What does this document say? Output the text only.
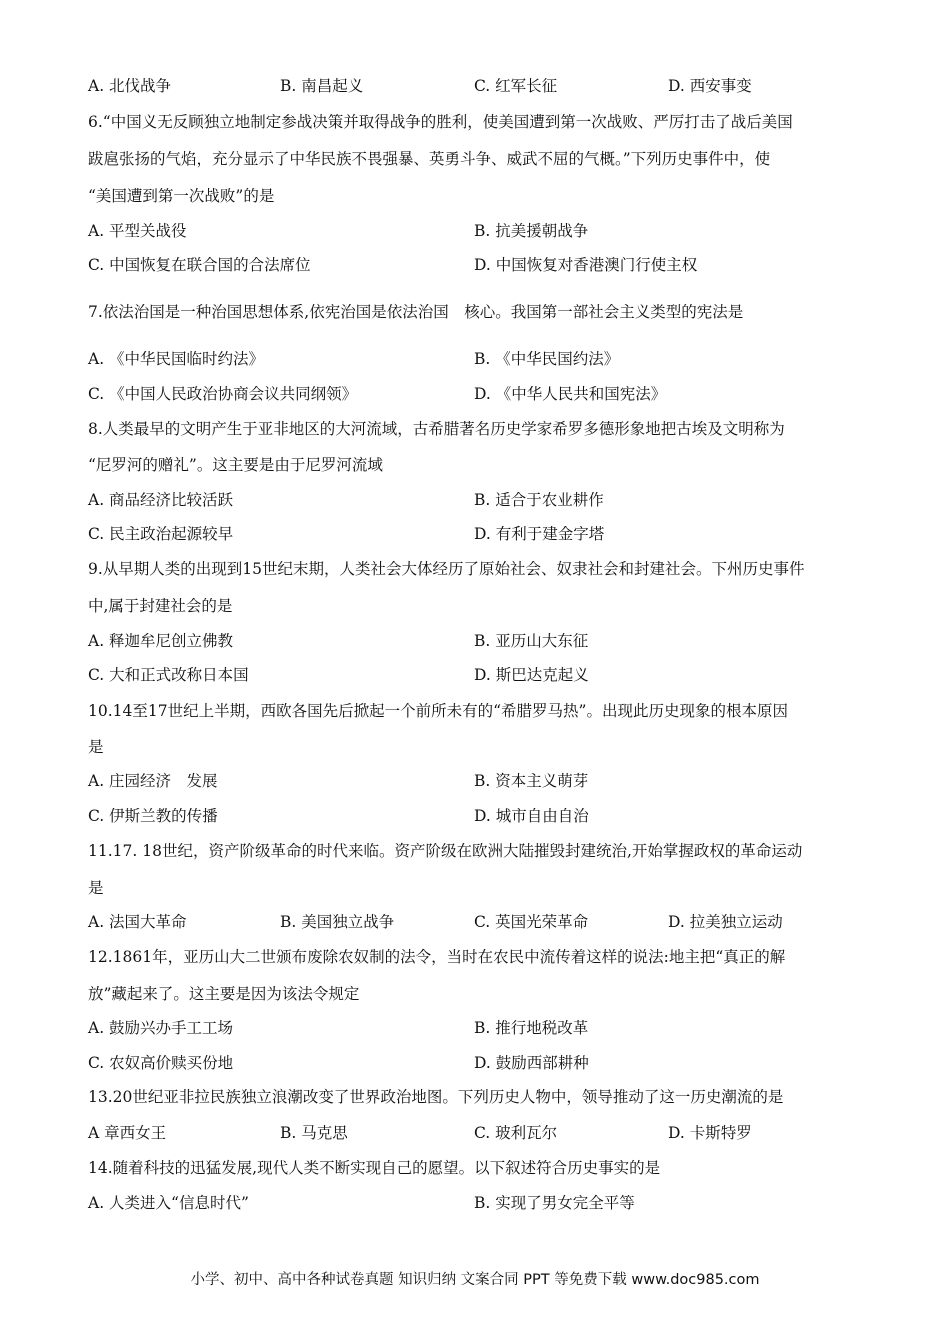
A. 北伐战争	B. 南昌起义	C. 红军长征	D. 西安事变
6.“中国义无反顾独立地制定参战决策并取得战争的胜利，使美国遭到第一次战败、严厉打击了战后美国
跋扈张扬的气焰，充分显示了中华民族不畏强暴、英勇斗争、威武不屈的气概。”下列历史事件中，使
“美国遭到第一次战败”的是
A. 平型关战役	B. 抗美援朝战争
C. 中国恢复在联合国的合法席位	D. 中国恢复对香港澳门行使主权
7.依法治国是一种治国思想体系,依宪治国是依法治国　核心。我国第一部社会主义类型的宪法是
A. 《中华民国临时约法》	B. 《中华民国约法》
C. 《中国人民政治协商会议共同纲领》	D. 《中华人民共和国宪法》
8.人类最早的文明产生于亚非地区的大河流域，古希腊著名历史学家希罗多德形象地把古埃及文明称为
“尼罗河的赠礼”。这主要是由于尼罗河流域
A. 商品经济比较活跃	B. 适合于农业耕作
C. 民主政治起源较早	D. 有利于建金字塔
9.从早期人类的出现到15世纪末期，人类社会大体经历了原始社会、奴隶社会和封建社会。下州历史事件
中,属于封建社会的是
A. 释迦牟尼创立佛教	B. 亚历山大东征
C. 大和正式改称日本国	D. 斯巴达克起义
10.14至17世纪上半期，西欧各国先后掀起一个前所未有的“希腊罗马热”。出现此历史现象的根本原因
是
A. 庄园经济　发展	B. 资本主义萌芽
C. 伊斯兰教的传播	D. 城市自由自治
11.17. 18世纪，资产阶级革命的时代来临。资产阶级在欧洲大陆摧毁封建统治,开始掌握政权的革命运动
是
A. 法国大革命	B. 美国独立战争	C. 英国光荣革命	D. 拉美独立运动
12.1861年，亚历山大二世颁布废除农奴制的法令，当时在农民中流传着这样的说法:地主把“真正的解
放”藏起来了。这主要是因为该法令规定
A. 鼓励兴办手工工场	B. 推行地税改革
C. 农奴高价赎买份地	D. 鼓励西部耕种
13.20世纪亚非拉民族独立浪潮改变了世界政治地图。下列历史人物中，领导推动了这一历史潮流的是
A 章西女王	B. 马克思	C. 玻利瓦尔	D. 卡斯特罗
14.随着科技的迅猛发展,现代人类不断实现自己的愿望。以下叙述符合历史事实的是
A. 人类进入“信息时代”	B. 实现了男女完全平等
小学、初中、高中各种试卷真题 知识归纳 文案合同 PPT 等免费下载 www.doc985.com
